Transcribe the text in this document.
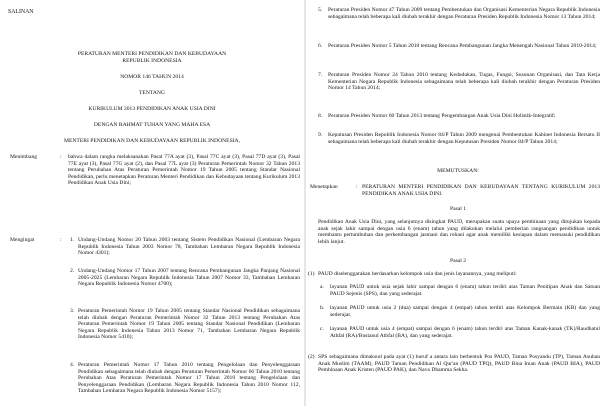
SALINAN
PERATURAN MENTERI PENDIDIKAN DAN KEBUDAYAAN
REPUBLIK INDONESIA
NOMOR 146 TAHUN 2014
TENTANG
KURIKULUM 2013 PENDIDIKAN ANAK USIA DINI
DENGAN RAHMAT TUHAN YANG MAHA ESA
MENTERI PENDIDIKAN DAN KEBUDAYAAN REPUBLIK INDONESIA,
Menimbang	: bahwa dalam rangka melaksanakan Pasal 77A ayat (3), Pasal 77C ayat (3), Pasal 77D ayat (3), Pasal 77E ayat (3), Pasal 77G ayat (2), dan Pasal 77L ayat (3) Peraturan Pemerintah Nomor 32 Tahun 2013 tentang Perubahan Atas Peraturan Pemerintah Nomor 19 Tahun 2005 tentang Standar Nasional Pendidikan, perlu menetapkan Peraturan Menteri Pendidikan dan Kebudayaan tentang Kurikulum 2013 Pendidikan Anak Usia Dini;
Mengingat	: 1. Undang-Undang Nomor 20 Tahun 2003 tentang Sistem Pendidikan Nasional (Lembaran Negara Republik Indonesia Tahun 2003 Nomor 78, Tambahan Lembaran Negara Republik Indonesia Nomor 4301);
2. Undang-Undang Nomor 17 Tahun 2007 tentang Rencana Pembangunan Jangka Panjang Nasional 2005-2025 (Lembaran Negara Republik Indonesia Tahun 2007 Nomor 33, Tambahan Lembaran Negara Republik Indonesia Nomor 4700);
3. Peraturan Pemerintah Nomor 19 Tahun 2005 tentang Standar Nasional Pendidikan sebagaimana telah diubah dengan Peraturan Pemerintah Nomor 32 Tahun 2013 tentang Perubahan Atas Peraturan Pemerintah Nomor 19 Tahun 2005 tentang Standar Nasional Pendidikan (Lembaran Negara Republik Indonesia Tahun 2013 Nomor 71, Tambahan Lembaran Negara Republik Indonesia Nomor 5410);
4. Peraturan Pemerintah Nomor 17 Tahun 2010 tentang Pengelolaan dan Penyelenggaraan Pendidikan sebagaimana telah diubah dengan Peraturan Pemerintah Nomor 66 Tahun 2010 tentang Perubahan Atas Peraturan Pemerintah Nomor 17 Tahun 2010 tentang Pengelolaan dan Penyelenggaraan Pendidikan (Lembaran Negara Republik Indonesia Tahun 2010 Nomor 112, Tambahan Lembaran Negara Republik Indonesia Nomor 5157);
5. Peraturan Presiden Nomor 47 Tahun 2009 tentang Pembentukan dan Organisasi Kementerian Negara Republik Indonesia sebagaimana telah beberapa kali diubah terakhir dengan Peraturan Presiden Republik Indonesia Nomor 13 Tahun 2014;
6. Peraturan Presiden Nomor 5 Tahun 2010 tentang Rencana Pembangunan Jangka Menengah Nasional Tahun 2010-2014;
7. Peraturan Presiden Nomor 24 Tahun 2010 tentang Kedudukan, Tugas, Fungsi, Susunan Organisasi, dan Tata Kerja Kementerian Negara Republik Indonesia sebagaimana telah beberapa kali diubah terakhir dengan Peraturan Presiden Nomor 14 Tahun 2014;
8. Peraturan Presiden Nomor 60 Tahun 2013 tentang Pengembangan Anak Usia Dini Holistik-Integratif;
9. Keputusan Presiden Republik Indonesia Nomor 84/P Tahun 2009 mengenai Pembentukan Kabinet Indonesia Bersatu II sebagaimana telah beberapa kali diubah terakhir dengan Keputusan Presiden Nomor 84/P Tahun 2014;
MEMUTUSKAN:
Menetapkan	: PERATURAN MENTERI PENDIDIKAN DAN KEBUDAYAAN TENTANG KURIKULUM 2013 PENDIDIKAN ANAK USIA DINI.
Pasal 1
Pendidikan Anak Usia Dini, yang selanjutnya disingkat PAUD, merupakan suatu upaya pembinaan yang ditujukan kepada anak sejak lahir sampai dengan usia 6 (enam) tahun yang dilakukan melalui pemberian rangsangan pendidikan untuk membantu pertumbuhan dan perkembangan jasmani dan rohani agar anak memiliki kesiapan dalam memasuki pendidikan lebih lanjut.
Pasal 2
(1) PAUD diselenggarakan berdasarkan kelompok usia dan jenis layanannya, yang meliputi:
a. layanan PAUD untuk usia sejak lahir sampai dengan 6 (enam) tahun terdiri atas Taman Penitipan Anak dan Satuan PAUD Sejenis (SPS), dan yang sederajat.
b. layanan PAUD untuk usia 2 (dua) sampai dengan 4 (empat) tahun terdiri atas Kelompok Bermain (KB) dan yang sederajat.
c. layanan PAUD untuk usia 4 (empat) sampai dengan 6 (enam) tahun terdiri atas Taman Kanak-kanak (TK)/Raudhatul Athfal (RA)/Bustanul Athfal (BA), dan yang sederajat.
(2) SPS sebagaimana dimaksud pada ayat (1) huruf a antara lain berbentuk Pos PAUD, Taman Posyandu (TP), Taman Asuhan Anak Muslim (TAAM), PAUD Taman Pendidikan Al Qur'an (PAUD TPQ), PAUD Bina Iman Anak (PAUD BIA), PAUD Pembinaan Anak Kristen (PAUD PAK), dan Nava Dhamma Sekha.
